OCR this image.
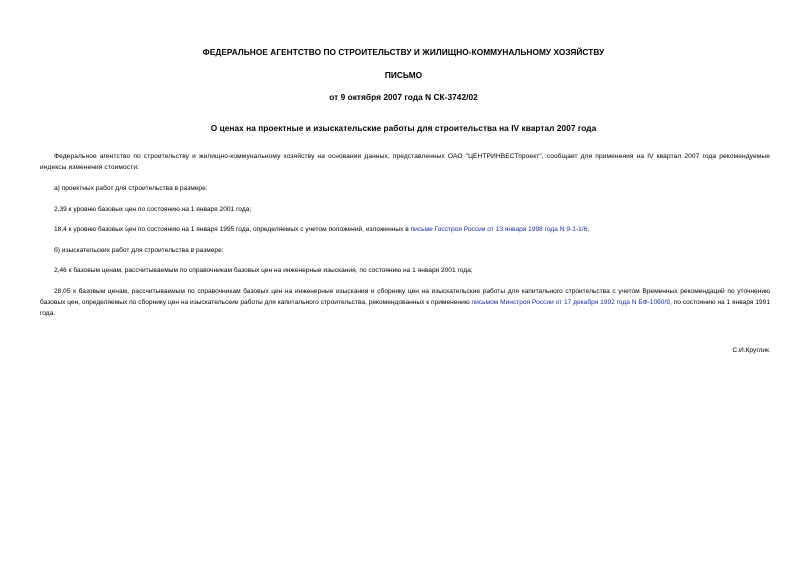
ФЕДЕРАЛЬНОЕ АГЕНТСТВО ПО СТРОИТЕЛЬСТВУ И ЖИЛИЩНО-КОММУНАЛЬНОМУ ХОЗЯЙСТВУ
ПИСЬМО
от 9 октября 2007 года N СК-3742/02
О ценах на проектные и изыскательские работы для строительства на IV квартал 2007 года

Федеральное агентство по строительству и жилищно-коммунальному хозяйству на основании данных, представленных ОАО "ЦЕНТРИНВЕСТпроект", сообщает для применения на IV квартал 2007 года рекомендуемые индексы изменения стоимости:

а) проектных работ для строительства в размере:

2,39 к уровню базовых цен по состоянию на 1 января 2001 года;

18,4 к уровню базовых цен по состоянию на 1 января 1995 года, определяемых с учетом положений, изложенных в письме Госстроя России от 13 января 1998 года N 9-1-1/6;

б) изыскательских работ для строительства в размере:

2,46 к базовым ценам, рассчитываемым по справочникам базовых цен на инженерные изыскания, по состоянию на 1 января 2001 года;

28,05 к базовым ценам, рассчитываемым по справочникам базовых цен на инженерные изыскания и сборнику цен на изыскательские работы для капитального строительства с учетом Временных рекомендаций по уточнению базовых цен, определяемых по сборнику цен на изыскательские работы для капитального строительства, рекомендованных к применению письмом Минстроя России от 17 декабря 1992 года N БФ-1060/9, по состоянию на 1 января 1991 года.

С.И.Круглик
